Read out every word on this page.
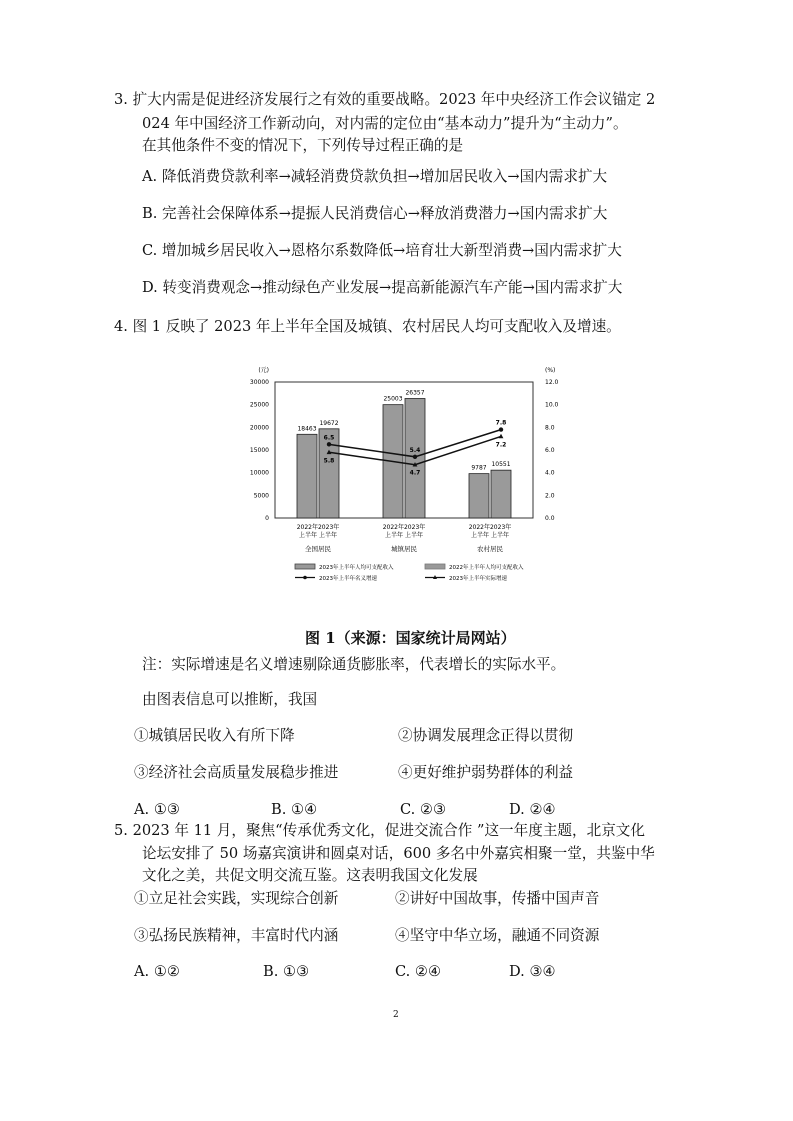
3. 扩大内需是促进经济发展行之有效的重要战略。2023 年中央经济工作会议锚定 2
024 年中国经济工作新动向，对内需的定位由“基本动力”提升为“主动力”。
在其他条件不变的情况下，下列传导过程正确的是
A. 降低消费贷款利率→减轻消费贷款负担→增加居民收入→国内需求扩大
B. 完善社会保障体系→提振人民消费信心→释放消费潜力→国内需求扩大
C. 增加城乡居民收入→恩格尔系数降低→培育壮大新型消费→国内需求扩大
D. 转变消费观念→推动绿色产业发展→提高新能源汽车产能→国内需求扩大
4. 图 1 反映了 2023 年上半年全国及城镇、农村居民人均可支配收入及增速。
(元)	(%)
30000
25000
20000
15000
10000
5000
0
12.0
10.0
8.0
6.0
4.0
2.0
0.0
2022年2023年
上半年 上半年
全国居民
2022年2023年
上半年 上半年
城镇居民
2022年2023年
上半年 上半年
农村居民
18463
19672
25003
26357
9787 10551
6.5
5.4
7.8
5.8
4.7
7.2
2023年上半年人均可支配收入	2022年上半年人均可支配收入
2023年上半年名义增速	2023年上半年实际增速
图 1（来源：国家统计局网站）
注：实际增速是名义增速剔除通货膨胀率，代表增长的实际水平。
由图表信息可以推断，我国
①城镇居民收入有所下降	②协调发展理念正得以贯彻
③经济社会高质量发展稳步推进	④更好维护弱势群体的利益
A. ①③	B. ①④	C. ②③	D. ②④
5. 2023 年 11 月，聚焦“传承优秀文化，促进交流合作 ”这一年度主题，北京文化
论坛安排了 50 场嘉宾演讲和圆桌对话，600 多名中外嘉宾相聚一堂，共鉴中华
文化之美，共促文明交流互鉴。这表明我国文化发展
①立足社会实践，实现综合创新	②讲好中国故事，传播中国声音
③弘扬民族精神，丰富时代内涵	④坚守中华立场，融通不同资源
A. ①②	B. ①③	C. ②④	D. ③④
2
